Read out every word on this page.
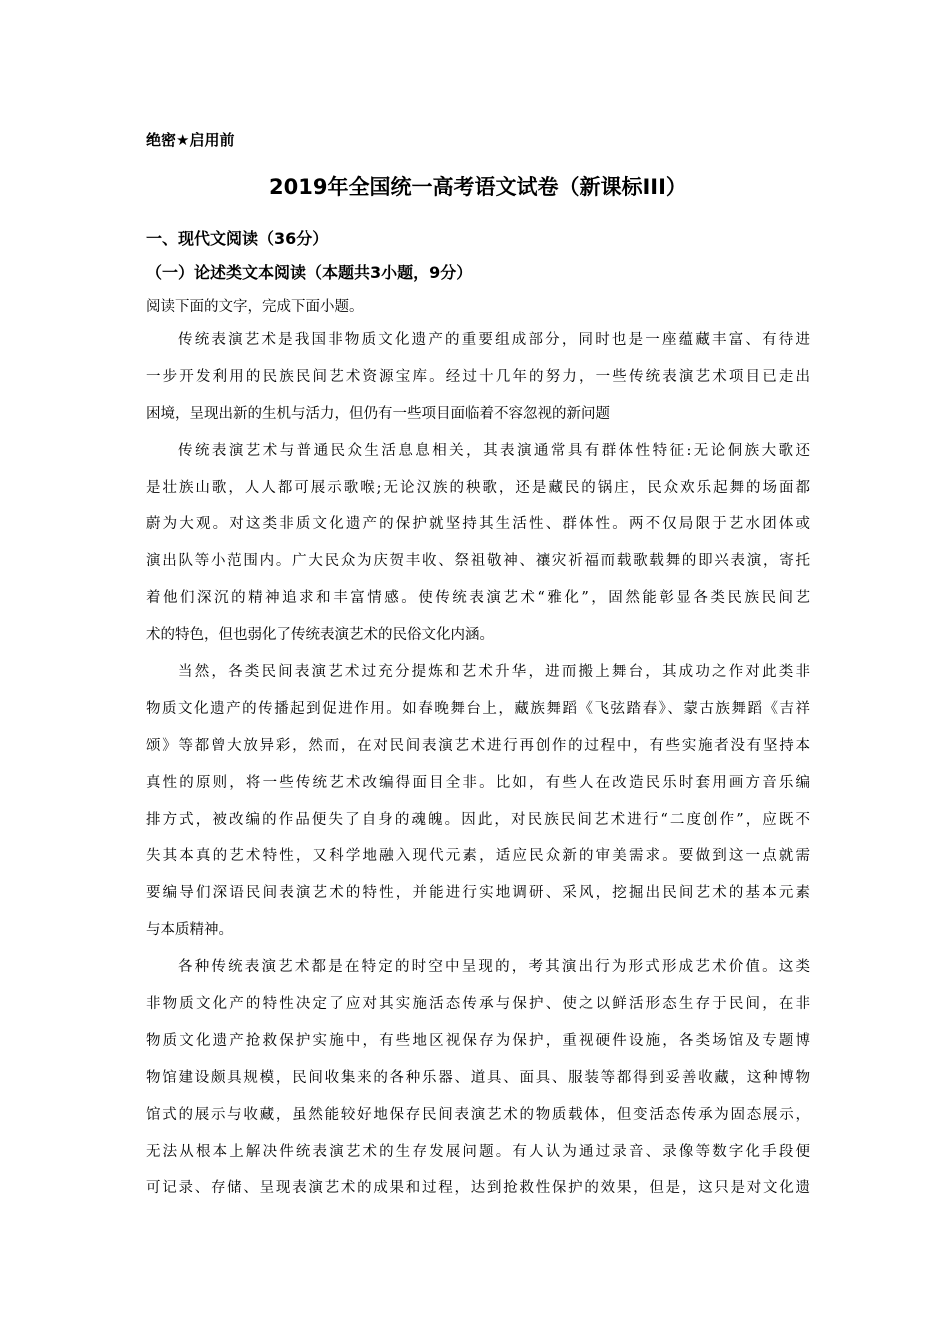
绝密★启用前
2019年全国统一高考语文试卷（新课标III）
一、现代文阅读（36分）
（一）论述类文本阅读（本题共3小题，9分）
阅读下面的文字，完成下面小题。
传统表演艺术是我国非物质文化遗产的重要组成部分，同时也是一座蕴藏丰富、有待进
一步开发利用的民族民间艺术资源宝库。经过十几年的努力，一些传统表演艺术项目已走出
困境，呈现出新的生机与活力，但仍有一些项目面临着不容忽视的新问题
传统表演艺术与普通民众生活息息相关，其表演通常具有群体性特征:无论侗族大歌还
是壮族山歌，人人都可展示歌喉;无论汉族的秧歌，还是藏民的锅庄，民众欢乐起舞的场面都
蔚为大观。对这类非质文化遗产的保护就坚持其生活性、群体性。两不仅局限于艺水团体或
演出队等小范围内。广大民众为庆贺丰收、祭祖敬神、禳灾祈福而载歌载舞的即兴表演，寄托
着他们深沉的精神追求和丰富情感。使传统表演艺术“雅化”，固然能彰显各类民族民间艺
术的特色，但也弱化了传统表演艺术的民俗文化内涵。
当然，各类民间表演艺术过充分提炼和艺术升华，进而搬上舞台，其成功之作对此类非
物质文化遗产的传播起到促进作用。如春晚舞台上，藏族舞蹈《飞弦踏春》、蒙古族舞蹈《吉祥
颂》等都曾大放异彩，然而，在对民间表演艺术进行再创作的过程中，有些实施者没有坚持本
真性的原则，将一些传统艺术改编得面目全非。比如，有些人在改造民乐时套用画方音乐编
排方式，被改编的作品便失了自身的魂魄。因此，对民族民间艺术进行“二度创作”，应既不
失其本真的艺术特性，又科学地融入现代元素，适应民众新的审美需求。要做到这一点就需
要编导们深语民间表演艺术的特性，并能进行实地调研、采风，挖掘出民间艺术的基本元素
与本质精神。
各种传统表演艺术都是在特定的时空中呈现的，考其演出行为形式形成艺术价值。这类
非物质文化产的特性决定了应对其实施活态传承与保护、使之以鲜活形态生存于民间，在非
物质文化遗产抢救保护实施中，有些地区视保存为保护，重视硬件设施，各类场馆及专题博
物馆建设颇具规模，民间收集来的各种乐器、道具、面具、服装等都得到妥善收藏，这种博物
馆式的展示与收藏，虽然能较好地保存民间表演艺术的物质载体，但变活态传承为固态展示，
无法从根本上解决件统表演艺术的生存发展问题。有人认为通过录音、录像等数字化手段便
可记录、存储、呈现表演艺术的成果和过程，达到抢救性保护的效果，但是，这只是对文化遗
